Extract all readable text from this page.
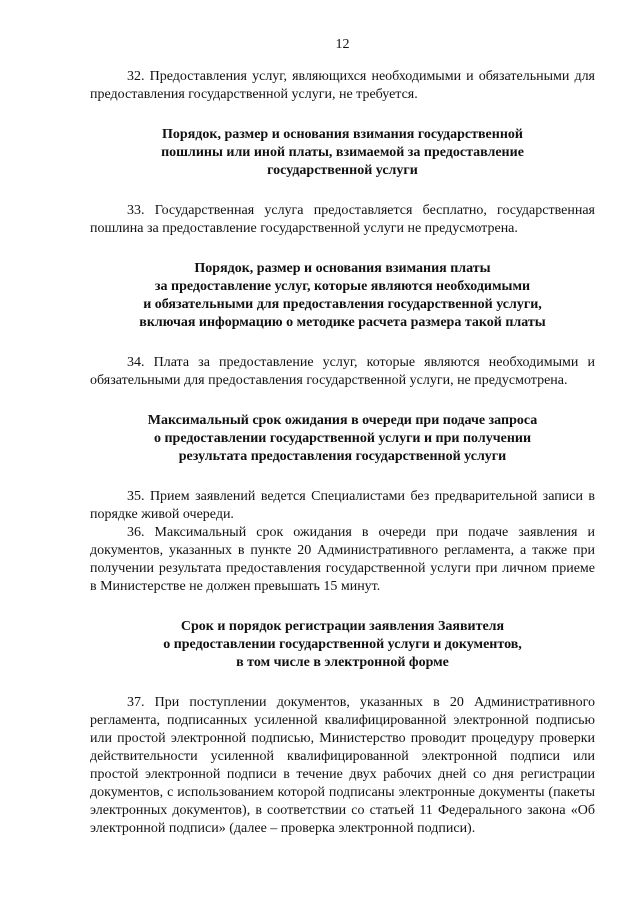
12

32. Предоставления услуг, являющихся необходимыми и обязательными для предоставления государственной услуги, не требуется.

Порядок, размер и основания взимания государственной
пошлины или иной платы, взимаемой за предоставление
государственной услуги

33. Государственная услуга предоставляется бесплатно, государственная пошлина за предоставление государственной услуги не предусмотрена.

Порядок, размер и основания взимания платы
за предоставление услуг, которые являются необходимыми
и обязательными для предоставления государственной услуги,
включая информацию о методике расчета размера такой платы

34. Плата за предоставление услуг, которые являются необходимыми и обязательными для предоставления государственной услуги, не предусмотрена.

Максимальный срок ожидания в очереди при подаче запроса
о предоставлении государственной услуги и при получении
результата предоставления государственной услуги

35. Прием заявлений ведется Специалистами без предварительной записи в порядке живой очереди.

36. Максимальный срок ожидания в очереди при подаче заявления и документов, указанных в пункте 20 Административного регламента, а также при получении результата предоставления государственной услуги при личном приеме в Министерстве не должен превышать 15 минут.

Срок и порядок регистрации заявления Заявителя
о предоставлении государственной услуги и документов,
в том числе в электронной форме

37. При поступлении документов, указанных в 20 Административного регламента, подписанных усиленной квалифицированной электронной подписью или простой электронной подписью, Министерство проводит процедуру проверки действительности усиленной квалифицированной электронной подписи или простой электронной подписи в течение двух рабочих дней со дня регистрации документов, с использованием которой подписаны электронные документы (пакеты электронных документов), в соответствии со статьей 11 Федерального закона «Об электронной подписи» (далее – проверка электронной подписи).
